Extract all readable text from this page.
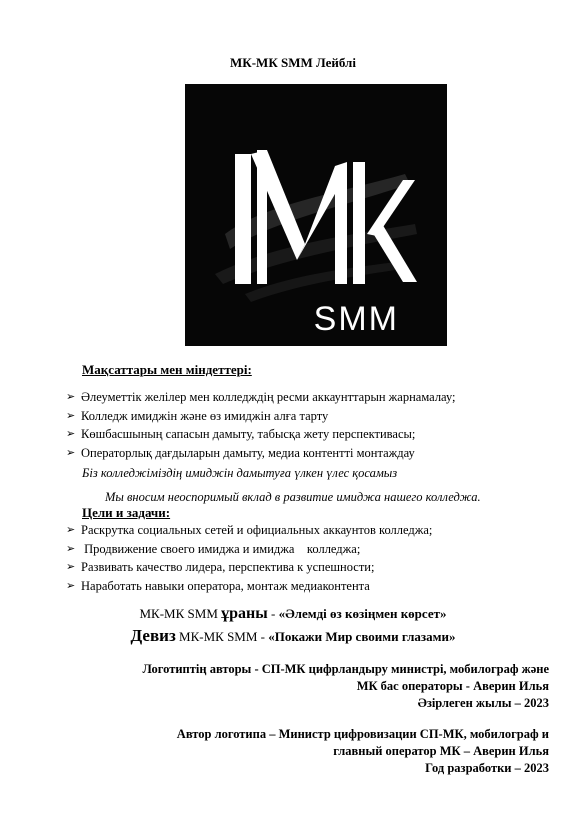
МК-МК SMM Лейблі
SMM
Мақсаттары мен міндеттері:
➢ Әлеуметтік желілер мен колледждің ресми аккаунттарын жарнамалау;
➢ Колледж имиджін және өз имиджін алға тарту
➢ Көшбасшының сапасын дамыту, табысқа жету перспективасы;
➢ Операторлық дағдыларын дамыту, медиа контентті монтаждау
Біз колледжіміздің имиджін дамытуға үлкен үлес қосамыз
Мы вносим неоспоримый вклад в развитие имиджа нашего колледжа.
Цели и задачи:
➢ Раскрутка социальных сетей и официальных аккаунтов колледжа;
➢ Продвижение своего имиджа и имиджа    колледжа;
➢ Развивать качество лидера, перспектива к успешности;
➢ Наработать навыки оператора, монтаж медиаконтента
МК-МК SMM ұраны - «Әлемді өз көзіңмен көрсет»
Девиз МК-МК SMM - «Покажи Мир своими глазами»
Логотиптің авторы - СП-МК цифрландыру министрі, мобилограф және
МК бас операторы - Аверин Илья
Әзірлеген жылы – 2023
Автор логотипа – Министр цифровизации СП-МК, мобилограф и
главный оператор МК – Аверин Илья
Год разработки – 2023
